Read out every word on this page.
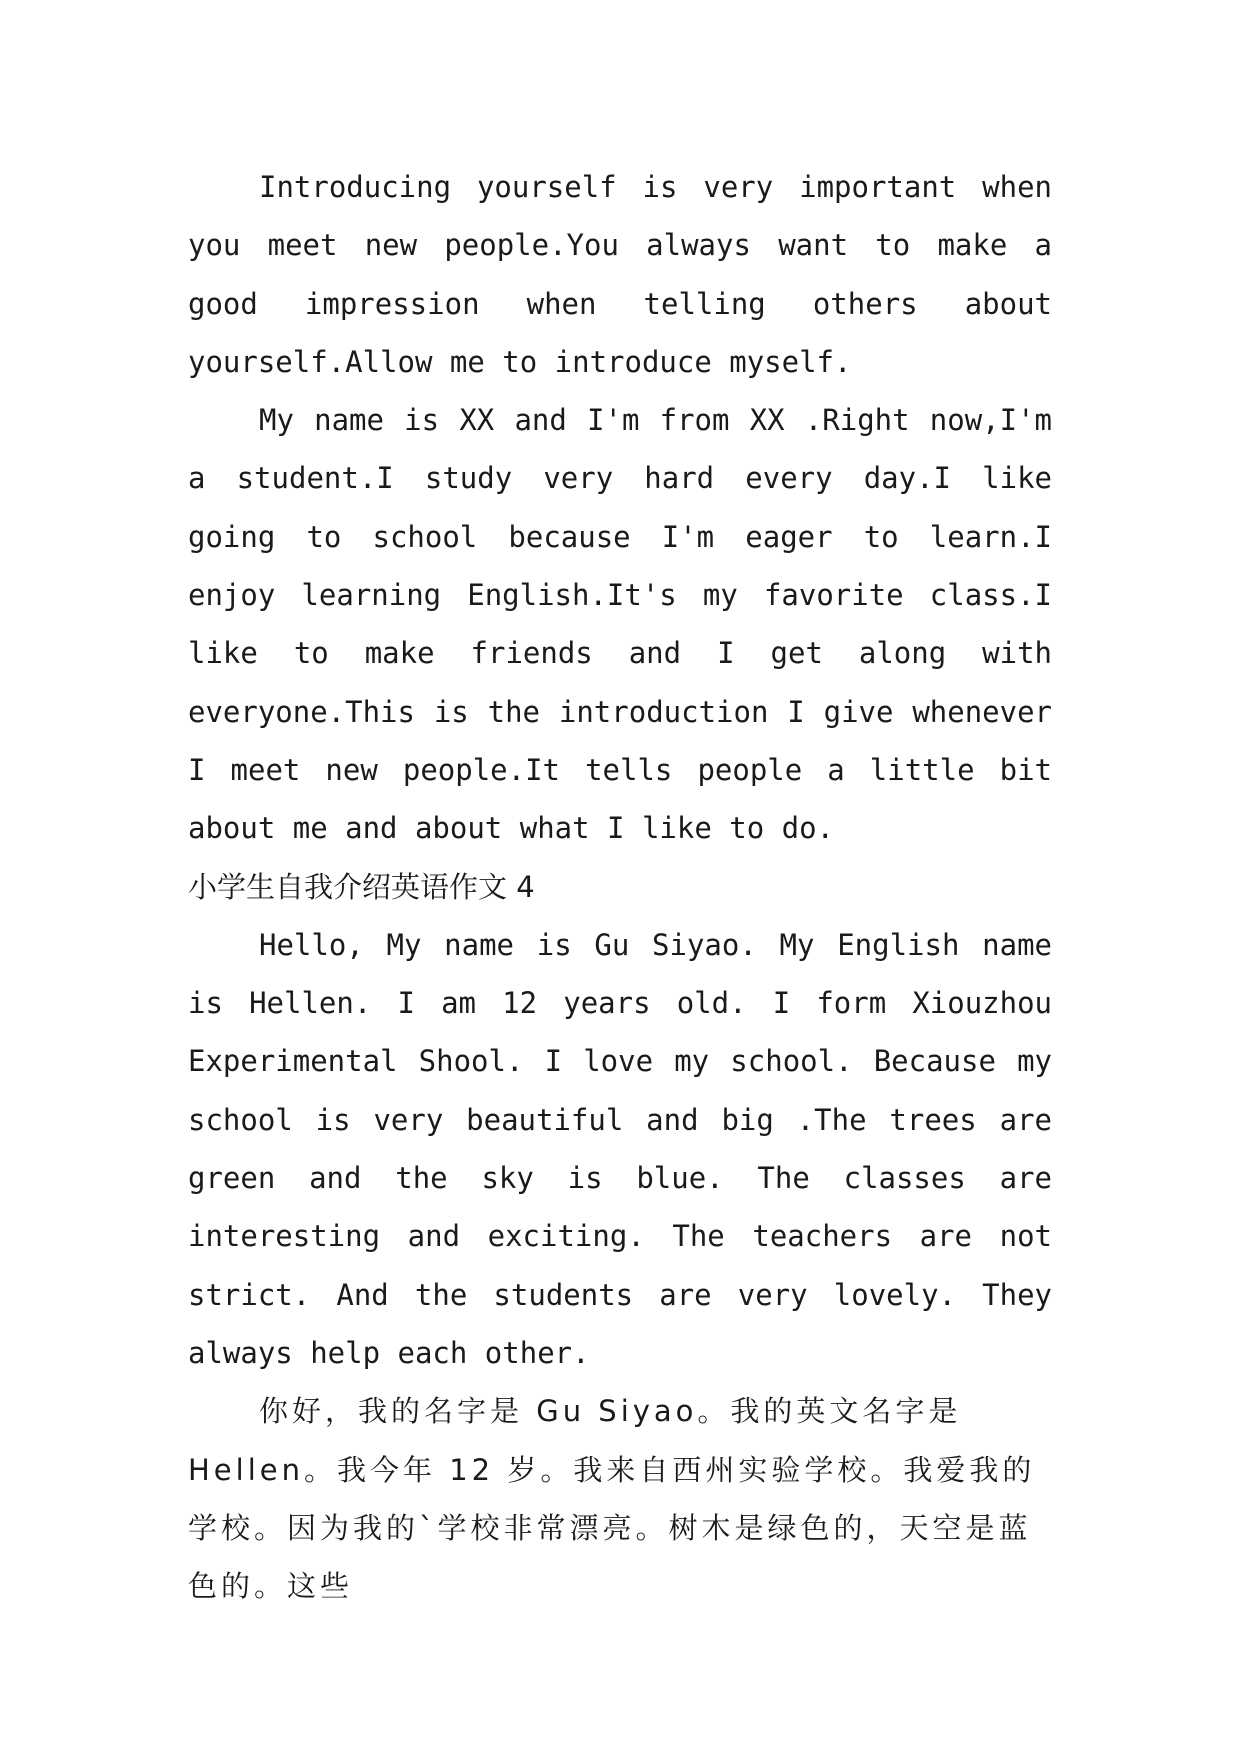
Introducing yourself is very important when you meet new people.You always want to make a good impression when telling others about yourself.Allow me to introduce myself.

My name is XX and I'm from XX .Right now,I'm a student.I study very hard every day.I like going to school because I'm eager to learn.I enjoy learning English.It's my favorite class.I like to make friends and I get along with everyone.This is the introduction I give whenever I meet new people.It tells people a little bit about me and about what I like to do.

小学生自我介绍英语作文 4

Hello, My name is Gu Siyao. My English name is Hellen. I am 12 years old. I form Xiouzhou Experimental Shool. I love my school. Because my school is very beautiful and big .The trees are green and the sky is blue. The classes are interesting and exciting. The teachers are not strict. And the students are very lovely. They always help each other.

你好，我的名字是 Gu Siyao。我的英文名字是 Hellen。我今年 12 岁。我来自西州实验学校。我爱我的学校。因为我的`学校非常漂亮。树木是绿色的，天空是蓝色的。这些
